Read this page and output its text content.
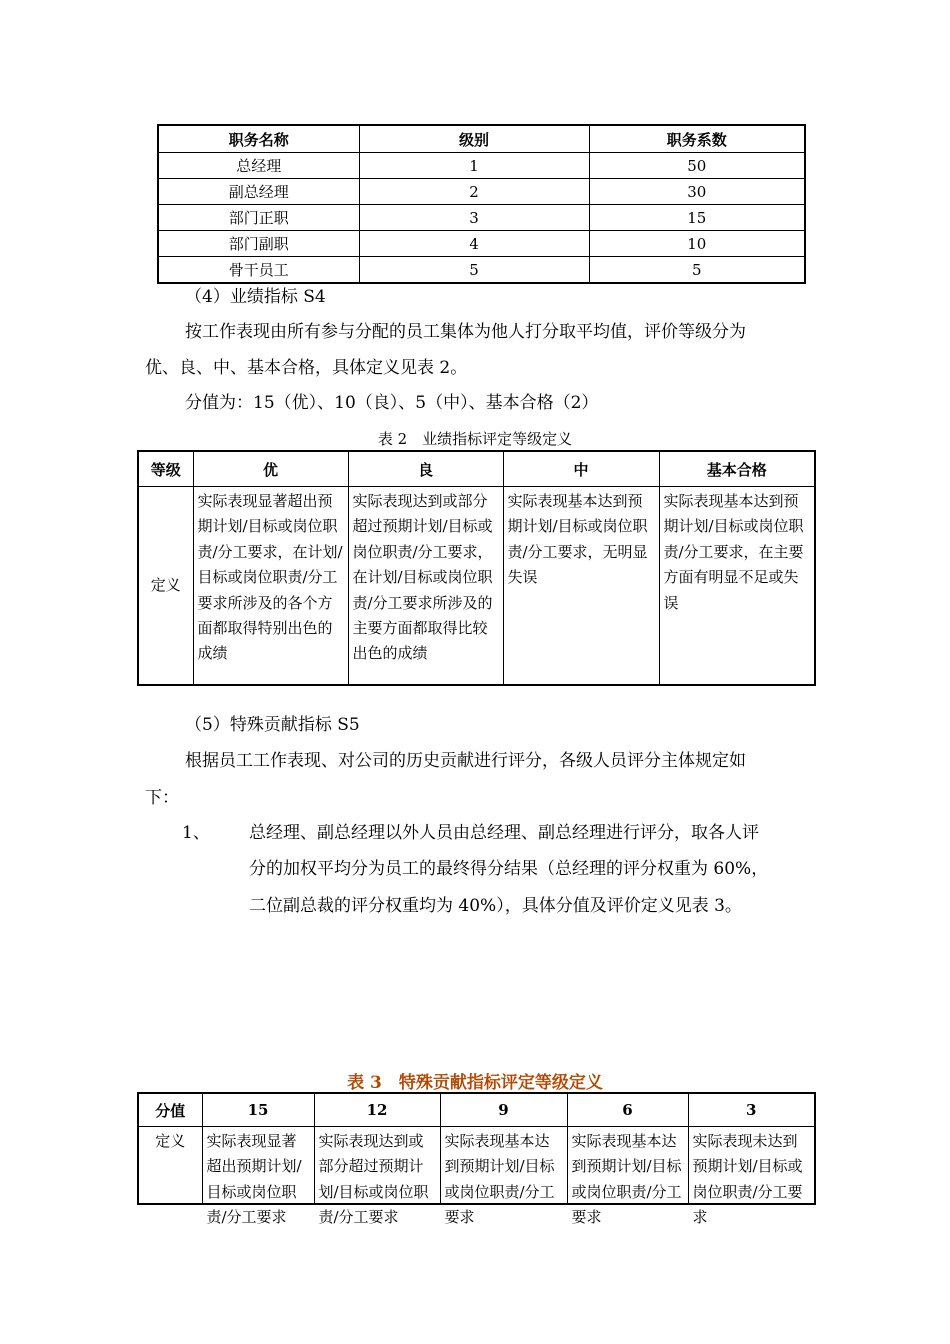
职务名称	级别	职务系数
总经理	1	50
副总经理	2	30
部门正职	3	15
部门副职	4	10
骨干员工	5	5
（4）业绩指标 S4
按工作表现由所有参与分配的员工集体为他人打分取平均值，评价等级分为
优、良、中、基本合格，具体定义见表 2。
分值为：15（优）、10（良）、5（中）、基本合格（2）
表 2　业绩指标评定等级定义
等级	优	良	中	基本合格
定义	实际表现显著超出预期计划/目标或岗位职责/分工要求，在计划/目标或岗位职责/分工要求所涉及的各个方面都取得特别出色的成绩	实际表现达到或部分超过预期计划/目标或岗位职责/分工要求，在计划/目标或岗位职责/分工要求所涉及的主要方面都取得比较出色的成绩	实际表现基本达到预期计划/目标或岗位职责/分工要求，无明显失误	实际表现基本达到预期计划/目标或岗位职责/分工要求，在主要方面有明显不足或失误
（5）特殊贡献指标 S5
根据员工工作表现、对公司的历史贡献进行评分，各级人员评分主体规定如
下：
1、 总经理、副总经理以外人员由总经理、副总经理进行评分，取各人评
分的加权平均分为员工的最终得分结果（总经理的评分权重为 60%，
二位副总裁的评分权重均为 40%），具体分值及评价定义见表 3。
表 3　特殊贡献指标评定等级定义
分值	15	12	9	6	3

定义	实际表现显著超出预期计划/目标或岗位职责/分工要求	实际表现达到或部分超过预期计划/目标或岗位职责/分工要求	实际表现基本达到预期计划/目标或岗位职责/分工要求	实际表现基本达到预期计划/目标或岗位职责/分工要求	实际表现未达到预期计划/目标或岗位职责/分工要求
